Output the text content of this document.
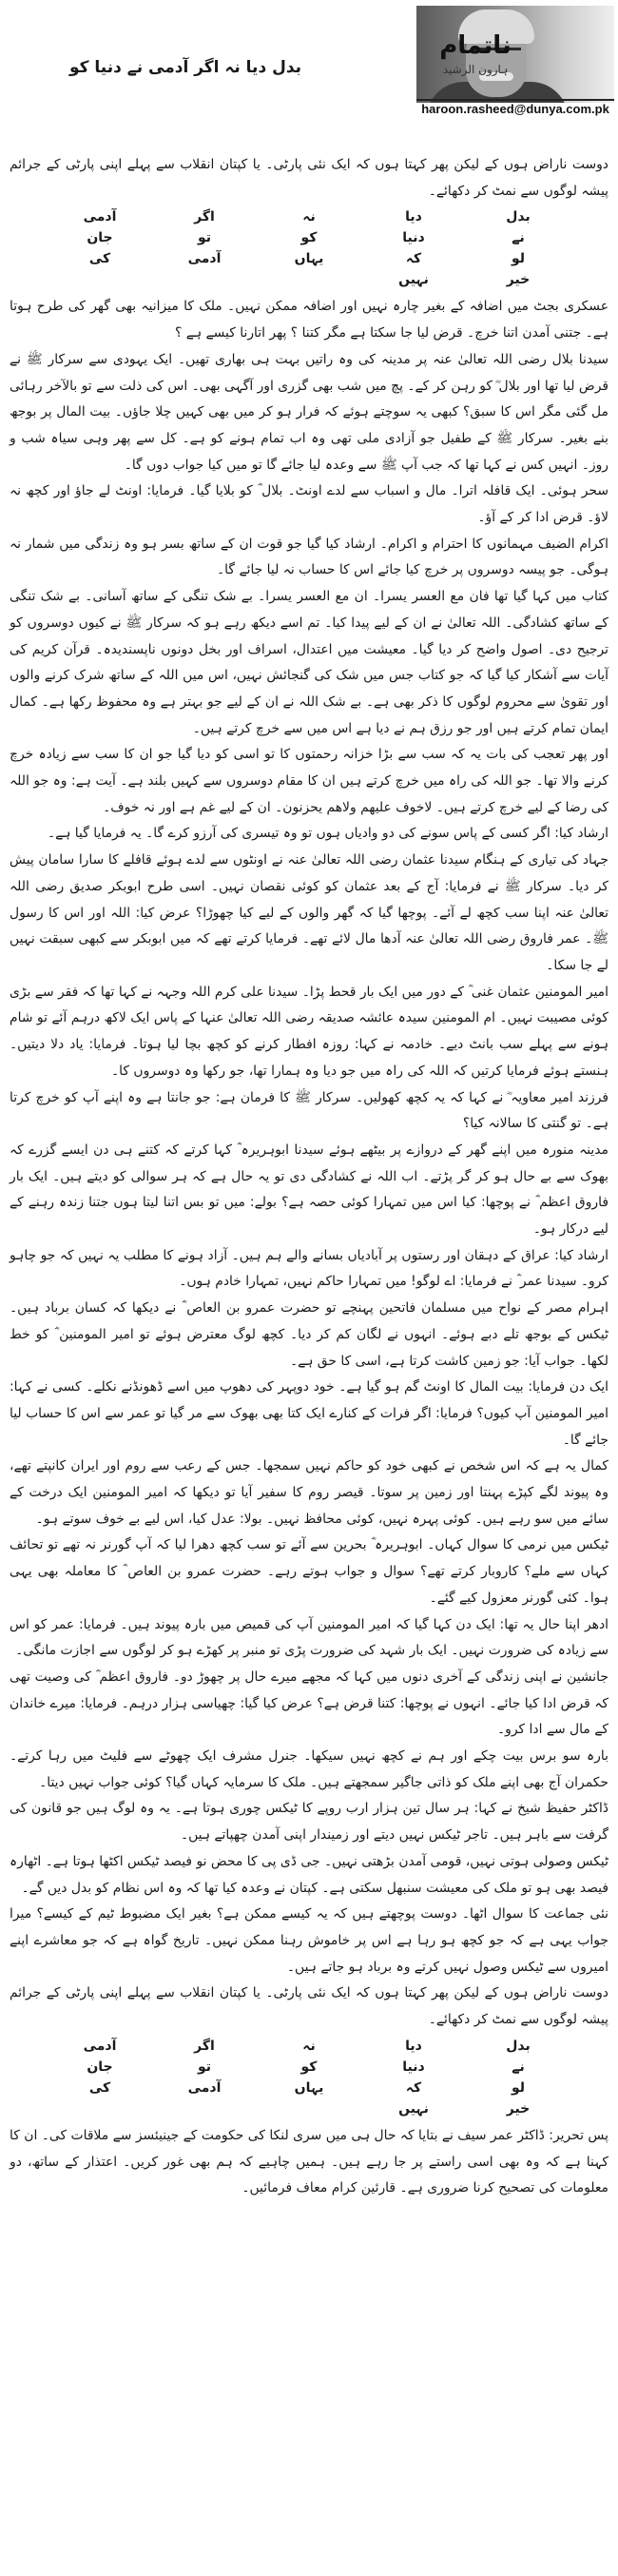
ناتمام
ہارون الرشید
haroon.rasheed@dunya.com.pk
بدل دیا نہ اگر آدمی نے دنیا کو

دوست ناراض ہوں کے لیکن پھر کہتا ہوں کہ ایک نئی پارٹی۔ یا کپتان انقلاب سے پہلے اپنی پارٹی کے جرائم پیشہ لوگوں سے نمٹ کر دکھائے۔

بدل
دیا
نہ
اگر
آدمی
نے
دنیا
کو
تو
جان
لو
کہ
یہاں
آدمی
کی
خیر
نہیں

عسکری بجٹ میں اضافہ کے بغیر چارہ نہیں اور اضافہ ممکن نہیں۔ ملک کا میزانیہ بھی گھر کی طرح ہوتا ہے۔ جتنی آمدن اتنا خرچ۔ قرض لیا جا سکتا ہے مگر کتنا ؟ پھر اتارنا کیسے ہے ؟

سیدنا بلال رضی اللہ تعالیٰ عنہ پر مدینہ کی وہ راتیں بہت ہی بھاری تھیں۔ ایک یہودی سے سرکار ﷺ نے قرض لیا تھا اور بلال ؓ کو رہن کر کے۔ پچ میں شب بھی گزری اور آگہی بھی۔ اس کی ذلت سے تو بالآخر رہائی مل گئی مگر اس کا سبق؟ کبھی یہ سوچتے ہوئے کہ فرار ہو کر میں بھی کہیں چلا جاؤں۔ بیت المال پر بوجھ بنے بغیر۔ سرکار ﷺ کے طفیل جو آزادی ملی تھی وہ اب تمام ہونے کو ہے۔ کل سے پھر وہی سیاہ شب و روز۔ انہیں کس نے کہا تھا کہ جب آپ ﷺ سے وعدہ لیا جائے گا تو میں کیا جواب دوں گا۔

سحر ہوئی۔ ایک قافلہ اترا۔ مال و اسباب سے لدے اونٹ۔ بلال ؓ کو بلایا گیا۔ فرمایا: اونٹ لے جاؤ اور کچھ نہ لاؤ۔ قرض ادا کر کے آؤ۔

اکرام الضیف مہمانوں کا احترام و اکرام۔ ارشاد کیا گیا جو قوت ان کے ساتھ بسر ہو وہ زندگی میں شمار نہ ہوگی۔ جو پیسہ دوسروں پر خرچ کیا جائے اس کا حساب نہ لیا جائے گا۔

کتاب میں کہا گیا تھا فان مع العسر یسرا۔ ان مع العسر یسرا۔ بے شک تنگی کے ساتھ آسانی۔ بے شک تنگی کے ساتھ کشادگی۔ اللہ تعالیٰ نے ان کے لیے پیدا کیا۔ تم اسے دیکھ رہے ہو کہ سرکار ﷺ نے کیوں دوسروں کو ترجیح دی۔ اصول واضح کر دیا گیا۔ معیشت میں اعتدال، اسراف اور بخل دونوں ناپسندیدہ۔ قرآن کریم کی آیات سے آشکار کیا گیا کہ جو کتاب جس میں شک کی گنجائش نہیں، اس میں اللہ کے ساتھ شرک کرنے والوں اور تقویٰ سے محروم لوگوں کا ذکر بھی ہے۔ بے شک اللہ نے ان کے لیے جو بہتر ہے وہ محفوظ رکھا ہے۔ کمال ایمان تمام کرتے ہیں اور جو رزق ہم نے دیا ہے اس میں سے خرچ کرتے ہیں۔

اور پھر تعجب کی بات یہ کہ سب سے بڑا خزانہ رحمتوں کا تو اسی کو دیا گیا جو ان کا سب سے زیادہ خرچ کرنے والا تھا۔ جو اللہ کی راہ میں خرچ کرتے ہیں ان کا مقام دوسروں سے کہیں بلند ہے۔ آیت ہے: وہ جو اللہ کی رضا کے لیے خرچ کرتے ہیں۔ لاخوف علیھم ولاھم یحزنون۔ ان کے لیے غم ہے اور نہ خوف۔

ارشاد کیا: اگر کسی کے پاس سونے کی دو وادیاں ہوں تو وہ تیسری کی آرزو کرے گا۔ یہ فرمایا گیا ہے۔

جہاد کی تیاری کے ہنگام سیدنا عثمان رضی اللہ تعالیٰ عنہ نے اونٹوں سے لدے ہوئے قافلے کا سارا سامان پیش کر دیا۔ سرکار ﷺ نے فرمایا: آج کے بعد عثمان کو کوئی نقصان نہیں۔ اسی طرح ابوبکر صدیق رضی اللہ تعالیٰ عنہ اپنا سب کچھ لے آئے۔ پوچھا گیا کہ گھر والوں کے لیے کیا چھوڑا؟ عرض کیا: اللہ اور اس کا رسول ﷺ۔ عمر فاروق رضی اللہ تعالیٰ عنہ آدھا مال لائے تھے۔ فرمایا کرتے تھے کہ میں ابوبکر سے کبھی سبقت نہیں لے جا سکا۔

امیر المومنین عثمان غنی ؓ کے دور میں ایک بار قحط پڑا۔ سیدنا علی کرم اللہ وجہہ نے کہا تھا کہ فقر سے بڑی کوئی مصیبت نہیں۔ ام المومنین سیدہ عائشہ صدیقہ رضی اللہ تعالیٰ عنہا کے پاس ایک لاکھ درہم آئے تو شام ہونے سے پہلے سب بانٹ دیے۔ خادمہ نے کہا: روزہ افطار کرنے کو کچھ بچا لیا ہوتا۔ فرمایا: یاد دلا دیتیں۔ ہنستے ہوئے فرمایا کرتیں کہ اللہ کی راہ میں جو دیا وہ ہمارا تھا، جو رکھا وہ دوسروں کا۔

فرزند امیر معاویہ ؓ نے کہا کہ یہ کچھ کھولیں۔ سرکار ﷺ کا فرمان ہے: جو جانتا ہے وہ اپنے آپ کو خرچ کرتا ہے۔ تو گنتی کا سالانہ کیا؟

مدینہ منورہ میں اپنے گھر کے دروازے پر بیٹھے ہوئے سیدنا ابوہریرہ ؓ کہا کرتے کہ کتنے ہی دن ایسے گزرے کہ بھوک سے بے حال ہو کر گر پڑتے۔ اب اللہ نے کشادگی دی تو یہ حال ہے کہ ہر سوالی کو دیتے ہیں۔ ایک بار فاروق اعظم ؓ نے پوچھا: کیا اس میں تمہارا کوئی حصہ ہے؟ بولے: میں تو بس اتنا لیتا ہوں جتنا زندہ رہنے کے لیے درکار ہو۔

ارشاد کیا: عراق کے دہقان اور رستوں پر آبادیاں بسانے والے ہم ہیں۔ آزاد ہونے کا مطلب یہ نہیں کہ جو چاہو کرو۔ سیدنا عمر ؓ نے فرمایا: اے لوگو! میں تمہارا حاکم نہیں، تمہارا خادم ہوں۔

اہرام مصر کے نواح میں مسلمان فاتحین پہنچے تو حضرت عمرو بن العاص ؓ نے دیکھا کہ کسان برباد ہیں۔ ٹیکس کے بوجھ تلے دبے ہوئے۔ انہوں نے لگان کم کر دیا۔ کچھ لوگ معترض ہوئے تو امیر المومنین ؓ کو خط لکھا۔ جواب آیا: جو زمین کاشت کرتا ہے، اسی کا حق ہے۔

ایک دن فرمایا: بیت المال کا اونٹ گم ہو گیا ہے۔ خود دوپہر کی دھوپ میں اسے ڈھونڈنے نکلے۔ کسی نے کہا: امیر المومنین آپ کیوں؟ فرمایا: اگر فرات کے کنارے ایک کتا بھی بھوک سے مر گیا تو عمر سے اس کا حساب لیا جائے گا۔

کمال یہ ہے کہ اس شخص نے کبھی خود کو حاکم نہیں سمجھا۔ جس کے رعب سے روم اور ایران کانپتے تھے، وہ پیوند لگے کپڑے پہنتا اور زمین پر سوتا۔ قیصر روم کا سفیر آیا تو دیکھا کہ امیر المومنین ایک درخت کے سائے میں سو رہے ہیں۔ کوئی پہرہ نہیں، کوئی محافظ نہیں۔ بولا: عدل کیا، اس لیے بے خوف سوتے ہو۔

ٹیکس میں نرمی کا سوال کہاں۔ ابوہریرہ ؓ بحرین سے آئے تو سب کچھ دھرا لیا کہ آپ گورنر نہ تھے تو تحائف کہاں سے ملے؟ کاروبار کرتے تھے؟ سوال و جواب ہوتے رہے۔ حضرت عمرو بن العاص ؓ کا معاملہ بھی یہی ہوا۔ کئی گورنر معزول کیے گئے۔

ادھر اپنا حال یہ تھا: ایک دن کہا گیا کہ امیر المومنین آپ کی قمیص میں بارہ پیوند ہیں۔ فرمایا: عمر کو اس سے زیادہ کی ضرورت نہیں۔ ایک بار شہد کی ضرورت پڑی تو منبر پر کھڑے ہو کر لوگوں سے اجازت مانگی۔

جانشین نے اپنی زندگی کے آخری دنوں میں کہا کہ مجھے میرے حال پر چھوڑ دو۔ فاروق اعظم ؓ کی وصیت تھی کہ قرض ادا کیا جائے۔ انہوں نے پوچھا: کتنا قرض ہے؟ عرض کیا گیا: چھیاسی ہزار درہم۔ فرمایا: میرے خاندان کے مال سے ادا کرو۔

بارہ سو برس بیت چکے اور ہم نے کچھ نہیں سیکھا۔ جنرل مشرف ایک چھوٹے سے فلیٹ میں رہا کرتے۔ حکمران آج بھی اپنے ملک کو ذاتی جاگیر سمجھتے ہیں۔ ملک کا سرمایہ کہاں گیا؟ کوئی جواب نہیں دیتا۔

ڈاکٹر حفیظ شیخ نے کہا: ہر سال تین ہزار ارب روپے کا ٹیکس چوری ہوتا ہے۔ یہ وہ لوگ ہیں جو قانون کی گرفت سے باہر ہیں۔ تاجر ٹیکس نہیں دیتے اور زمیندار اپنی آمدن چھپاتے ہیں۔

ٹیکس وصولی ہوتی نہیں، قومی آمدن بڑھتی نہیں۔ جی ڈی پی کا محض نو فیصد ٹیکس اکٹھا ہوتا ہے۔ اٹھارہ فیصد بھی ہو تو ملک کی معیشت سنبھل سکتی ہے۔ کپتان نے وعدہ کیا تھا کہ وہ اس نظام کو بدل دیں گے۔

نئی جماعت کا سوال اٹھا۔ دوست پوچھتے ہیں کہ یہ کیسے ممکن ہے؟ بغیر ایک مضبوط ٹیم کے کیسے؟ میرا جواب یہی ہے کہ جو کچھ ہو رہا ہے اس پر خاموش رہنا ممکن نہیں۔ تاریخ گواہ ہے کہ جو معاشرے اپنے امیروں سے ٹیکس وصول نہیں کرتے وہ برباد ہو جاتے ہیں۔

دوست ناراض ہوں کے لیکن پھر کہتا ہوں کہ ایک نئی پارٹی۔ یا کپتان انقلاب سے پہلے اپنی پارٹی کے جرائم پیشہ لوگوں سے نمٹ کر دکھائے۔

بدل
دیا
نہ
اگر
آدمی
نے
دنیا
کو
تو
جان
لو
کہ
یہاں
آدمی
کی
خیر
نہیں

پس تحریر: ڈاکٹر عمر سیف نے بتایا کہ حال ہی میں سری لنکا کی حکومت کے جینیئسز سے ملاقات کی۔ ان کا کہنا ہے کہ وہ بھی اسی راستے پر جا رہے ہیں۔ ہمیں چاہیے کہ ہم بھی غور کریں۔ اعتذار کے ساتھ، دو معلومات کی تصحیح کرنا ضروری ہے۔ قارئین کرام معاف فرمائیں۔
